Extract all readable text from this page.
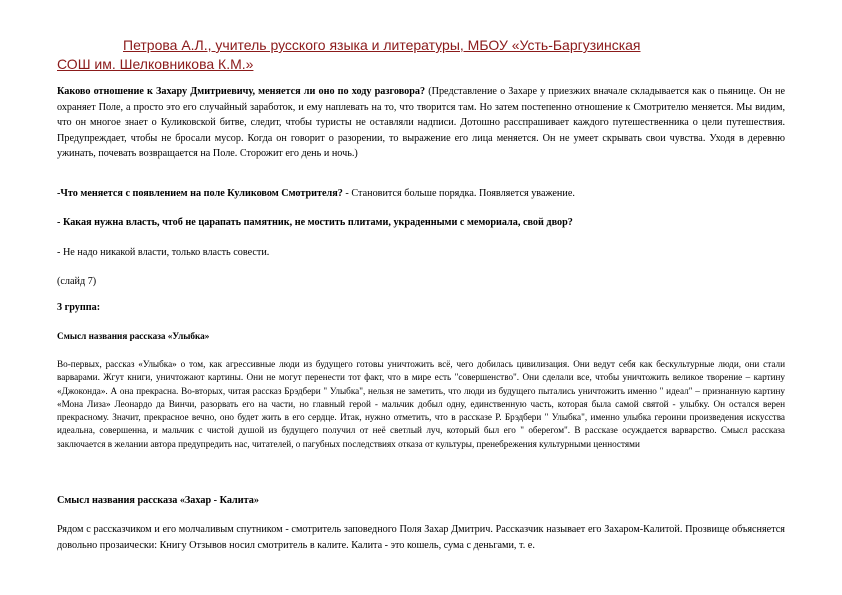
Петрова А.Л., учитель русского языка и литературы, МБОУ «Усть-Баргузинская
СОШ им. Шелковникова К.М.»

Каково отношение к Захару Дмитриевичу, меняется ли оно по ходу разговора? (Представление о Захаре у приезжих вначале складывается как о пьянице. Он не охраняет Поле, а просто это его случайный заработок, и ему наплевать на то, что творится там. Но затем постепенно отношение к Смотрителю меняется. Мы видим, что он многое знает о Куликовской битве, следит, чтобы туристы не оставляли надписи. Дотошно расспрашивает каждого путешественника о цели путешествия. Предупреждает, чтобы не бросали мусор. Когда он говорит о разорении, то выражение его лица меняется. Он не умеет скрывать свои чувства. Уходя в деревню ужинать, почевать возвращается на Поле. Сторожит его день и ночь.)

-Что меняется с появлением на поле Куликовом Смотрителя? - Становится больше порядка. Появляется уважение.

- Какая нужна власть, чтоб не царапать памятник, не мостить плитами, украденными с мемориала, свой двор?

- Не надо никакой власти, только власть совести.

(слайд 7)

3 группа:

Смысл названия рассказа «Улыбка»

Во-первых, рассказ «Улыбка» о том, как агрессивные люди из будущего готовы уничтожить всё, чего добилась цивилизация. Они ведут себя как бескультурные люди, они стали варварами. Жгут книги, уничтожают картины. Они не могут перенести тот факт, что в мире есть "совершенство". Они сделали все, чтобы уничтожить великое творение – картину «Джоконда». А она прекрасна. Во-вторых, читая рассказ Брэдбери " Улыбка", нельзя не заметить, что люди из будущего пытались уничтожить именно " идеал" – признанную картину «Мона Лиза» Леонардо да Винчи, разорвать его на части, но главный герой - мальчик добыл одну, единственную часть, которая была самой святой - улыбку. Он остался верен прекрасному. Значит, прекрасное вечно, оно будет жить в его сердце. Итак, нужно отметить, что в рассказе Р. Брэдбери " Улыбка", именно улыбка героини произведения искусства идеальна, совершенна, и мальчик с чистой душой из будущего получил от неё светлый луч, который был его " оберегом". В рассказе осуждается варварство. Смысл рассказа заключается в желании автора предупредить нас, читателей, о пагубных последствиях отказа от культуры, пренебрежения культурными ценностями

Смысл названия рассказа «Захар - Калита»

Рядом с рассказчиком и его молчаливым спутником - смотритель заповедного Поля Захар Дмитрич. Рассказчик называет его Захаром-Калитой. Прозвище объясняется довольно прозаически: Книгу Отзывов носил смотритель в калите. Калита - это кошель, сума с деньгами, т. е.
